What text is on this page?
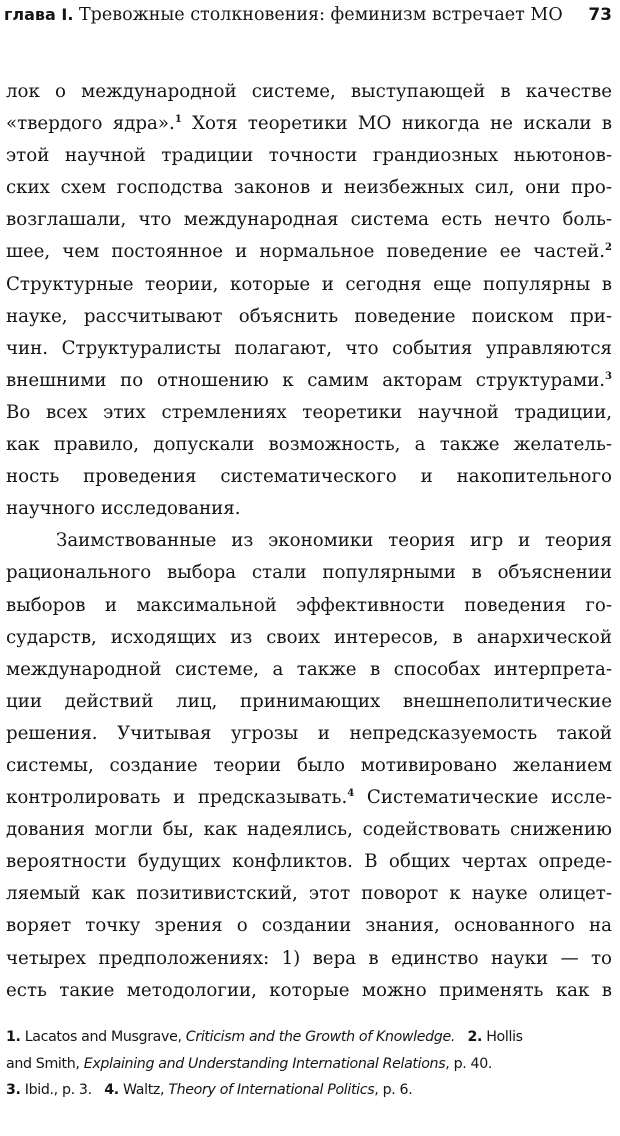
глава I. Тревожные столкновения: феминизм встречает МО 73
лок о международной системе, выступающей в качестве
«твердого ядра».$^1$ Хотя теоретики МО никогда не искали в
этой научной традиции точности грандиозных ньютонов-
ских схем господства законов и неизбежных сил, они про-
возглашали, что международная система есть нечто боль-
шее, чем постоянное и нормальное поведение ее частей.$^2$
Структурные теории, которые и сегодня еще популярны в
науке, рассчитывают объяснить поведение поиском при-
чин. Структуралисты полагают, что события управляются
внешними по отношению к самим акторам структурами.$^3$
Во всех этих стремлениях теоретики научной традиции,
как правило, допускали возможность, а также желатель-
ность проведения систематического и накопительного
научного исследования.
Заимствованные из экономики теория игр и теория
рационального выбора стали популярными в объяснении
выборов и максимальной эффективности поведения го-
сударств, исходящих из своих интересов, в анархической
международной системе, а также в способах интерпрета-
ции действий лиц, принимающих внешнеполитические
решения. Учитывая угрозы и непредсказуемость такой
системы, создание теории было мотивировано желанием
контролировать и предсказывать.$^4$ Систематические иссле-
дования могли бы, как надеялись, содействовать снижению
вероятности будущих конфликтов. В общих чертах опреде-
ляемый как позитивистский, этот поворот к науке олицет-
воряет точку зрения о создании знания, основанного на
четырех предположениях: 1) вера в единство науки — то
есть такие методологии, которые можно применять как в
1. Lacatos and Musgrave, Criticism and the Growth of Knowledge. 2. Hollis
and Smith, Explaining and Understanding International Relations, p. 40.
3. Ibid., p. 3. 4. Waltz, Theory of International Politics, p. 6.
